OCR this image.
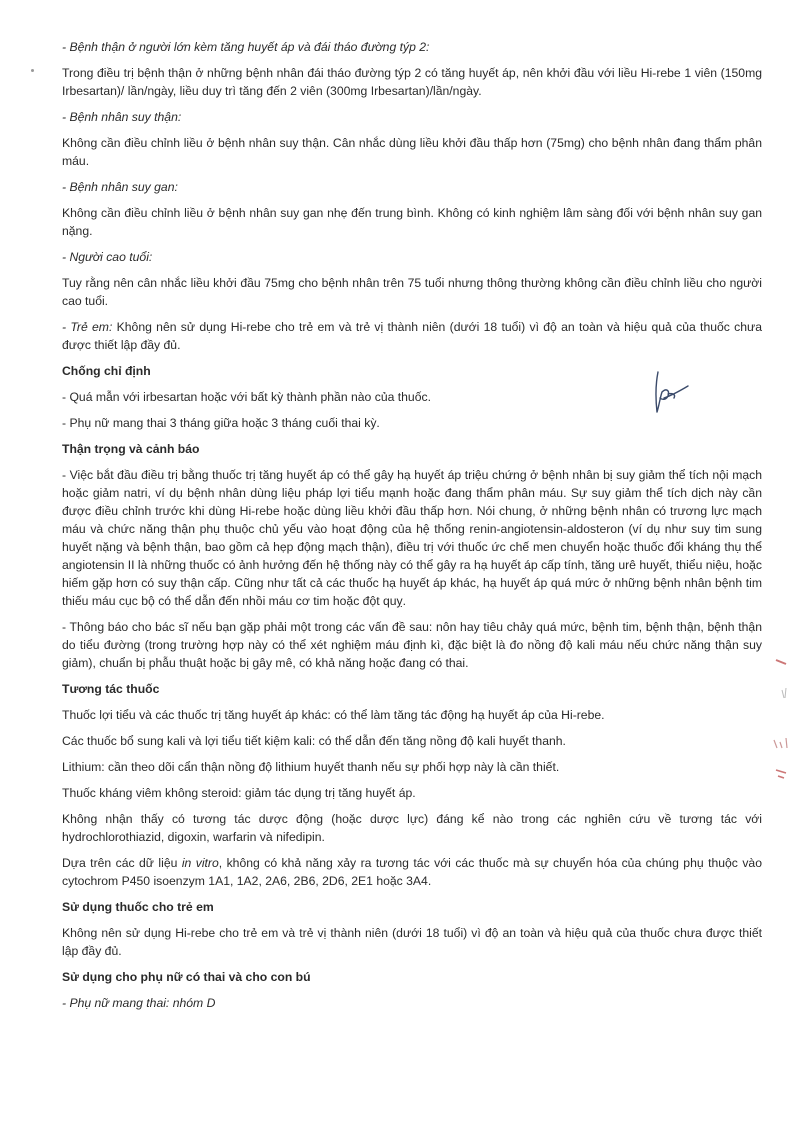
- Bệnh thận ở người lớn kèm tăng huyết áp và đái tháo đường týp 2:

Trong điều trị bệnh thận ở những bệnh nhân đái tháo đường týp 2 có tăng huyết áp, nên khởi đầu với liều Hi-rebe 1 viên (150mg Irbesartan)/ lần/ngày, liều duy trì tăng đến 2 viên (300mg Irbesartan)/lần/ngày.

- Bệnh nhân suy thận:

Không cần điều chỉnh liều ở bệnh nhân suy thận. Cân nhắc dùng liều khởi đầu thấp hơn (75mg) cho bệnh nhân đang thẩm phân máu.

- Bệnh nhân suy gan:

Không cần điều chỉnh liều ở bệnh nhân suy gan nhẹ đến trung bình. Không có kinh nghiệm lâm sàng đối với bệnh nhân suy gan nặng.

- Người cao tuổi:

Tuy rằng nên cân nhắc liều khởi đầu 75mg cho bệnh nhân trên 75 tuổi nhưng thông thường không cần điều chỉnh liều cho người cao tuổi.

- Trẻ em: Không nên sử dụng Hi-rebe cho trẻ em và trẻ vị thành niên (dưới 18 tuổi) vì độ an toàn và hiệu quả của thuốc chưa được thiết lập đầy đủ.

Chống chỉ định

- Quá mẫn với irbesartan hoặc với bất kỳ thành phần nào của thuốc.

- Phụ nữ mang thai 3 tháng giữa hoặc 3 tháng cuối thai kỳ.

Thận trọng và cảnh báo

- Việc bắt đầu điều trị bằng thuốc trị tăng huyết áp có thể gây hạ huyết áp triệu chứng ở bệnh nhân bị suy giảm thể tích nội mạch hoặc giảm natri, ví dụ bệnh nhân dùng liệu pháp lợi tiểu mạnh hoặc đang thẩm phân máu. Sự suy giảm thể tích dịch này cần được điều chỉnh trước khi dùng Hi-rebe hoặc dùng liều khởi đầu thấp hơn. Nói chung, ở những bệnh nhân có trương lực mạch máu và chức năng thận phụ thuộc chủ yếu vào hoạt động của hệ thống renin-angiotensin-aldosteron (ví dụ như suy tim sung huyết nặng và bệnh thận, bao gồm cả hẹp động mạch thận), điều trị với thuốc ức chế men chuyển hoặc thuốc đối kháng thụ thể angiotensin II là những thuốc có ảnh hưởng đến hệ thống này có thể gây ra hạ huyết áp cấp tính, tăng urê huyết, thiểu niệu, hoặc hiếm gặp hơn có suy thận cấp. Cũng như tất cả các thuốc hạ huyết áp khác, hạ huyết áp quá mức ở những bệnh nhân bệnh tim thiếu máu cục bộ có thể dẫn đến nhồi máu cơ tim hoặc đột quỵ.

- Thông báo cho bác sĩ nếu bạn gặp phải một trong các vấn đề sau: nôn hay tiêu chảy quá mức, bệnh tim, bệnh thận, bệnh thận do tiểu đường (trong trường hợp này có thể xét nghiệm máu định kì, đặc biệt là đo nồng độ kali máu nếu chức năng thận suy giảm), chuẩn bị phẫu thuật hoặc bị gây mê, có khả năng hoặc đang có thai.

Tương tác thuốc

Thuốc lợi tiểu và các thuốc trị tăng huyết áp khác: có thể làm tăng tác động hạ huyết áp của Hi-rebe.

Các thuốc bổ sung kali và lợi tiểu tiết kiệm kali: có thể dẫn đến tăng nồng độ kali huyết thanh.

Lithium: cần theo dõi cẩn thận nồng độ lithium huyết thanh nếu sự phối hợp này là cần thiết.

Thuốc kháng viêm không steroid: giảm tác dụng trị tăng huyết áp.

Không nhận thấy có tương tác dược động (hoặc dược lực) đáng kể nào trong các nghiên cứu về tương tác với hydrochlorothiazid, digoxin, warfarin và nifedipin.

Dựa trên các dữ liệu in vitro, không có khả năng xảy ra tương tác với các thuốc mà sự chuyển hóa của chúng phụ thuộc vào cytochrom P450 isoenzym 1A1, 1A2, 2A6, 2B6, 2D6, 2E1 hoặc 3A4.

Sử dụng thuốc cho trẻ em

Không nên sử dụng Hi-rebe cho trẻ em và trẻ vị thành niên (dưới 18 tuổi) vì độ an toàn và hiệu quả của thuốc chưa được thiết lập đầy đủ.

Sử dụng cho phụ nữ có thai và cho con bú

- Phụ nữ mang thai: nhóm D
